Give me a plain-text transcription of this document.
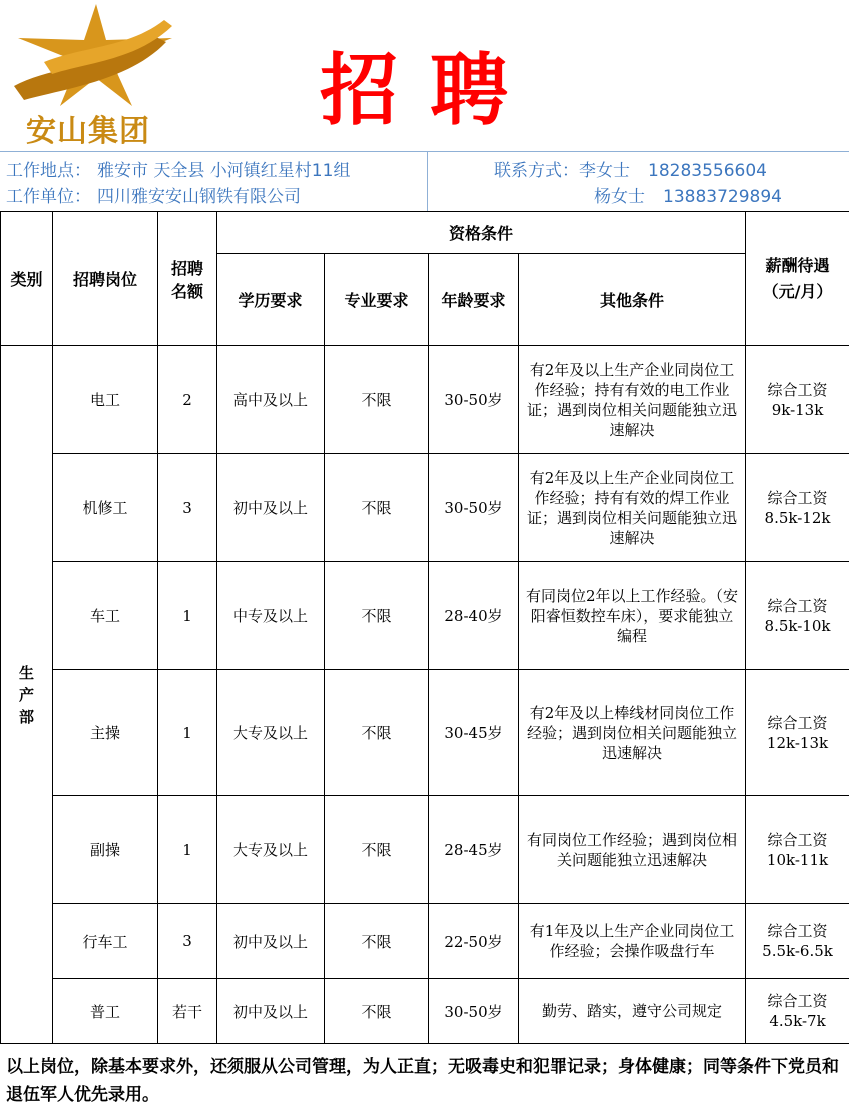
安山集团 招聘
工作地点： 雅安市 天全县 小河镇红星村11组
工作单位： 四川雅安安山钢铁有限公司
联系方式：李女士 18283556604
杨女士 13883729894
类别	招聘岗位	招聘名额	资格条件				薪酬待遇（元/月）
			学历要求	专业要求	年龄要求	其他条件	
生产部	电工	2	高中及以上	不限	30-50岁	有2年及以上生产企业同岗位工作经验；持有有效的电工作业证；遇到岗位相关问题能独立迅速解决	综合工资
9k-13k

	机修工	3	初中及以上	不限	30-50岁	有2年及以上生产企业同岗位工作经验；持有有效的焊工作业证；遇到岗位相关问题能独立迅速解决	综合工资
8.5k-12k

	车工	1	中专及以上	不限	28-40岁	有同岗位2年以上工作经验。（安阳睿恒数控车床），要求能独立编程	综合工资
8.5k-10k

	主操	1	大专及以上	不限	30-45岁	有2年及以上棒线材同岗位工作经验；遇到岗位相关问题能独立迅速解决	综合工资
12k-13k

	副操	1	大专及以上	不限	28-45岁	有同岗位工作经验；遇到岗位相关问题能独立迅速解决	综合工资
10k-11k

	行车工	3	初中及以上	不限	22-50岁	有1年及以上生产企业同岗位工作经验；会操作吸盘行车	综合工资
5.5k-6.5k

	普工	若干	初中及以上	不限	30-50岁	勤劳、踏实，遵守公司规定	综合工资
4.5k-7k

以上岗位，除基本要求外，还须服从公司管理，为人正直；无吸毒史和犯罪记录；身体健康；同等条件下党员和退伍军人优先录用。
